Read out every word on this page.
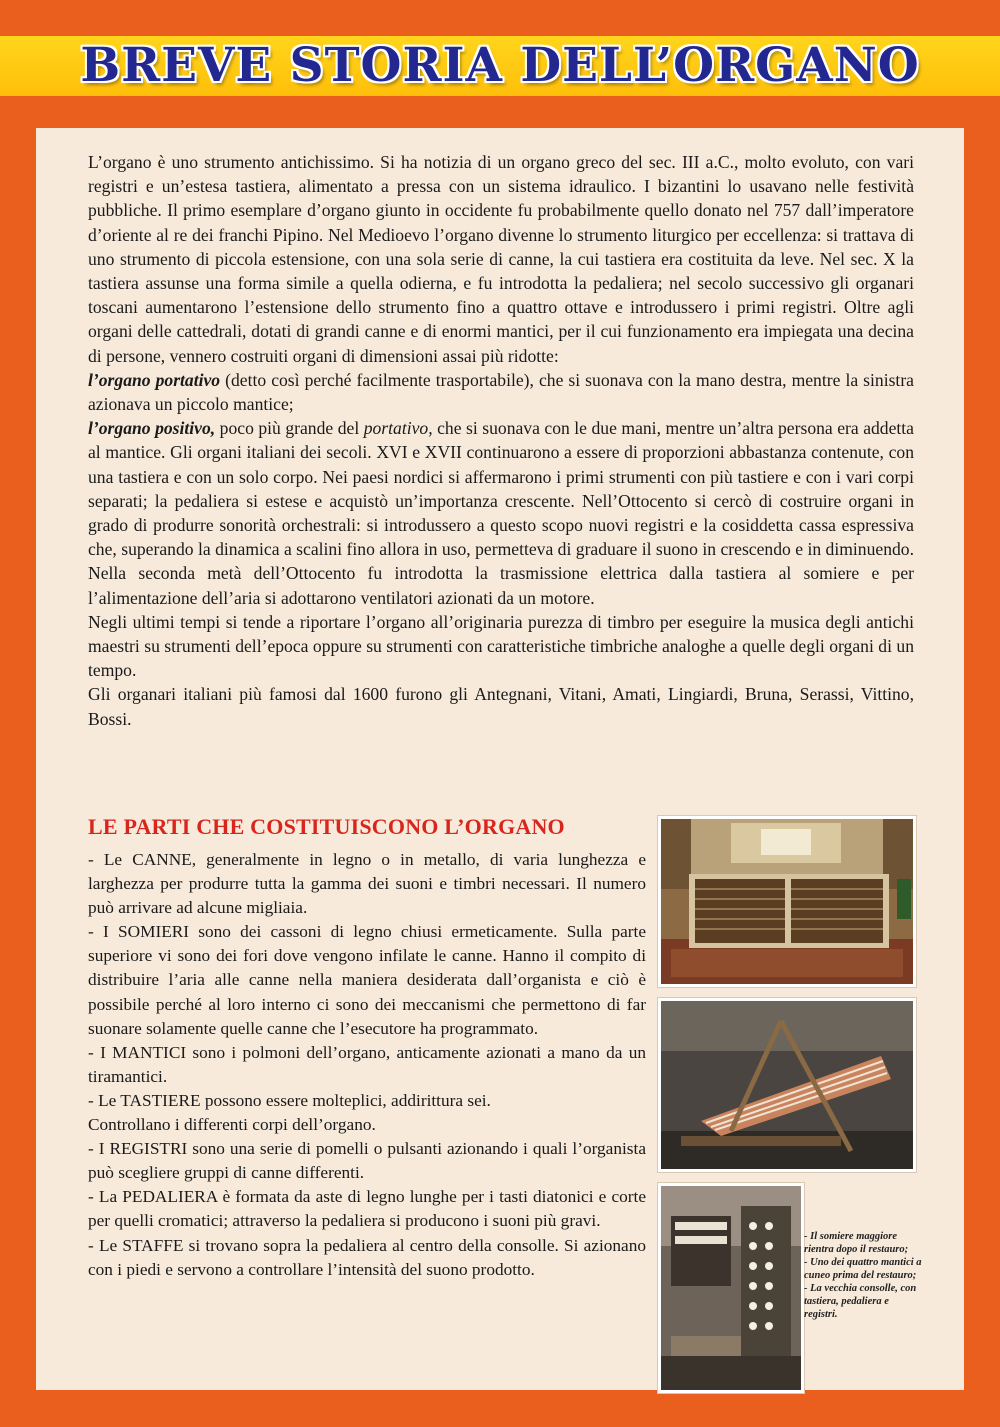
BREVE STORIA DELL’ORGANO

L’organo è uno strumento antichissimo. Si ha notizia di un organo greco del sec. III a.C., molto evoluto, con vari registri e un’estesa tastiera, alimentato a pressa con un sistema idraulico. I bizantini lo usavano nelle festività pubbliche. Il primo esemplare d’organo giunto in occidente fu probabilmente quello donato nel 757 dall’imperatore d’oriente al re dei franchi Pipino. Nel Medioevo l’organo divenne lo strumento liturgico per eccellenza: si trattava di uno strumento di piccola estensione, con una sola serie di canne, la cui tastiera era costituita da leve. Nel sec. X la tastiera assunse una forma simile a quella odierna, e fu introdotta la pedaliera; nel secolo successivo gli organari toscani aumentarono l’estensione dello strumento fino a quattro ottave e introdussero i primi registri. Oltre agli organi delle cattedrali, dotati di grandi canne e di enormi mantici, per il cui funzionamento era impiegata una decina di persone, vennero costruiti organi di dimensioni assai più ridotte:

l’organo portativo (detto così perché facilmente trasportabile), che si suonava con la mano destra, mentre la sinistra azionava un piccolo mantice;

l’organo positivo, poco più grande del portativo, che si suonava con le due mani, mentre un’altra persona era addetta al mantice. Gli organi italiani dei secoli. XVI e XVII continuarono a essere di proporzioni abbastanza contenute, con una tastiera e con un solo corpo. Nei paesi nordici si affermarono i primi strumenti con più tastiere e con i vari corpi separati; la pedaliera si estese e acquistò un’importanza crescente. Nell’Ottocento si cercò di costruire organi in grado di produrre sonorità orchestrali: si introdussero a questo scopo nuovi registri e la cosiddetta cassa espressiva che, superando la dinamica a scalini fino allora in uso, permetteva di graduare il suono in crescendo e in diminuendo. Nella seconda metà dell’Ottocento fu introdotta la trasmissione elettrica dalla tastiera al somiere e per l’alimentazione dell’aria si adottarono ventilatori azionati da un motore.

Negli ultimi tempi si tende a riportare l’organo all’originaria purezza di timbro per eseguire la musica degli antichi maestri su strumenti dell’epoca oppure su strumenti con caratteristiche timbriche analoghe a quelle degli organi di un tempo.

Gli organari italiani più famosi dal 1600 furono gli Antegnani, Vitani, Amati, Lingiardi, Bruna, Serassi, Vittino, Bossi.

LE PARTI CHE COSTITUISCONO L’ORGANO

- Le CANNE, generalmente in legno o in metallo, di varia lunghezza e larghezza per produrre tutta la gamma dei suoni e timbri necessari. Il numero può arrivare ad alcune migliaia.

- I SOMIERI sono dei cassoni di legno chiusi ermeticamente. Sulla parte superiore vi sono dei fori dove vengono infilate le canne. Hanno il compito di distribuire l’aria alle canne nella maniera desiderata dall’organista e ciò è possibile perché al loro interno ci sono dei meccanismi che permettono di far suonare solamente quelle canne che l’esecutore ha programmato.

- I MANTICI sono i polmoni dell’organo, anticamente azionati a mano da un tiramantici.

- Le TASTIERE possono essere molteplici, addirittura sei.

Controllano i differenti corpi dell’organo.

- I REGISTRI sono una serie di pomelli o pulsanti azionando i quali l’organista può scegliere gruppi di canne differenti.

- La PEDALIERA è formata da aste di legno lunghe per i tasti diatonici e corte per quelli cromatici; attraverso la pedaliera si producono i suoni più gravi.

- Le STAFFE si trovano sopra la pedaliera al centro della consolle. Si azionano con i piedi e servono a controllare l’intensità del suono prodotto.

- Il somiere maggiore rientra dopo il restauro;
- Uno dei quattro mantici a cuneo prima del restauro;
- La vecchia consolle, con tastiera, pedaliera e registri.
